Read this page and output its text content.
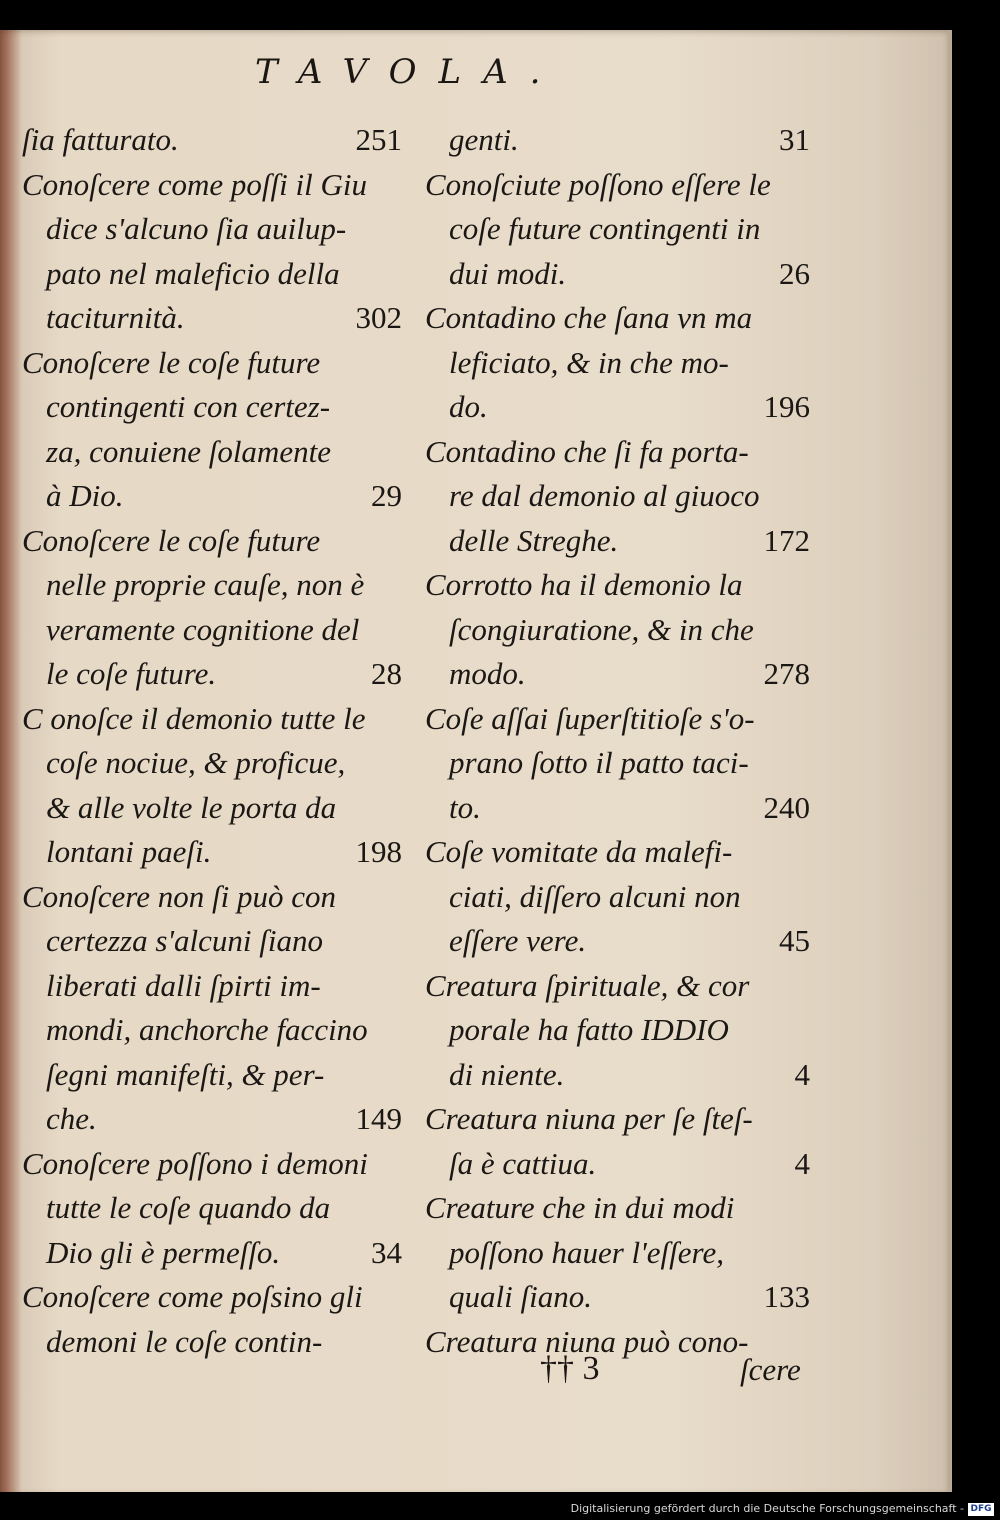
TAVOLA.
ſia fatturato.	251
Conoſcere come poſſi il Giu
dice s'alcuno ſia auilup-
pato nel maleficio della
taciturnità.	302
Conoſcere le coſe future
contingenti con certez-
za, conuiene ſolamente
à Dio.	29
Conoſcere le coſe future
nelle proprie cauſe, non è
veramente cognitione del
le coſe future.	28
C onoſce il demonio tutte le
coſe nociue, & proficue,
& alle volte le porta da
lontani paeſi.	198
Conoſcere non ſi può con
certezza s'alcuni ſiano
liberati dalli ſpirti im-
mondi, anchorche faccino
ſegni manifeſti, & per-
che.	149
Conoſcere poſſono i demoni
tutte le coſe quando da
Dio gli è permeſſo.	34
Conoſcere come poſsino gli
demoni le coſe contin-
genti.	31
Conoſciute poſſono eſſere le
coſe future contingenti in
dui modi.	26
Contadino che ſana vn ma
leficiato, & in che mo-
do.	196
Contadino che ſi fa porta-
re dal demonio al giuoco
delle Streghe.	172
Corrotto ha il demonio la
ſcongiuratione, & in che
modo.	278
Coſe aſſai ſuperſtitioſe s'o-
prano ſotto il patto taci-
to.	240
Coſe vomitate da malefi-
ciati, diſſero alcuni non
eſſere vere.	45
Creatura ſpirituale, & cor
porale ha fatto IDDIO
di niente.	4
Creatura niuna per ſe ſteſ-
ſa è cattiua.	4
Creature che in dui modi
poſſono hauer l'eſſere,
quali ſiano.	133
Creatura niuna può cono-
†† 3	ſcere
Digitalisierung gefördert durch die Deutsche Forschungsgemeinschaft - DFG
